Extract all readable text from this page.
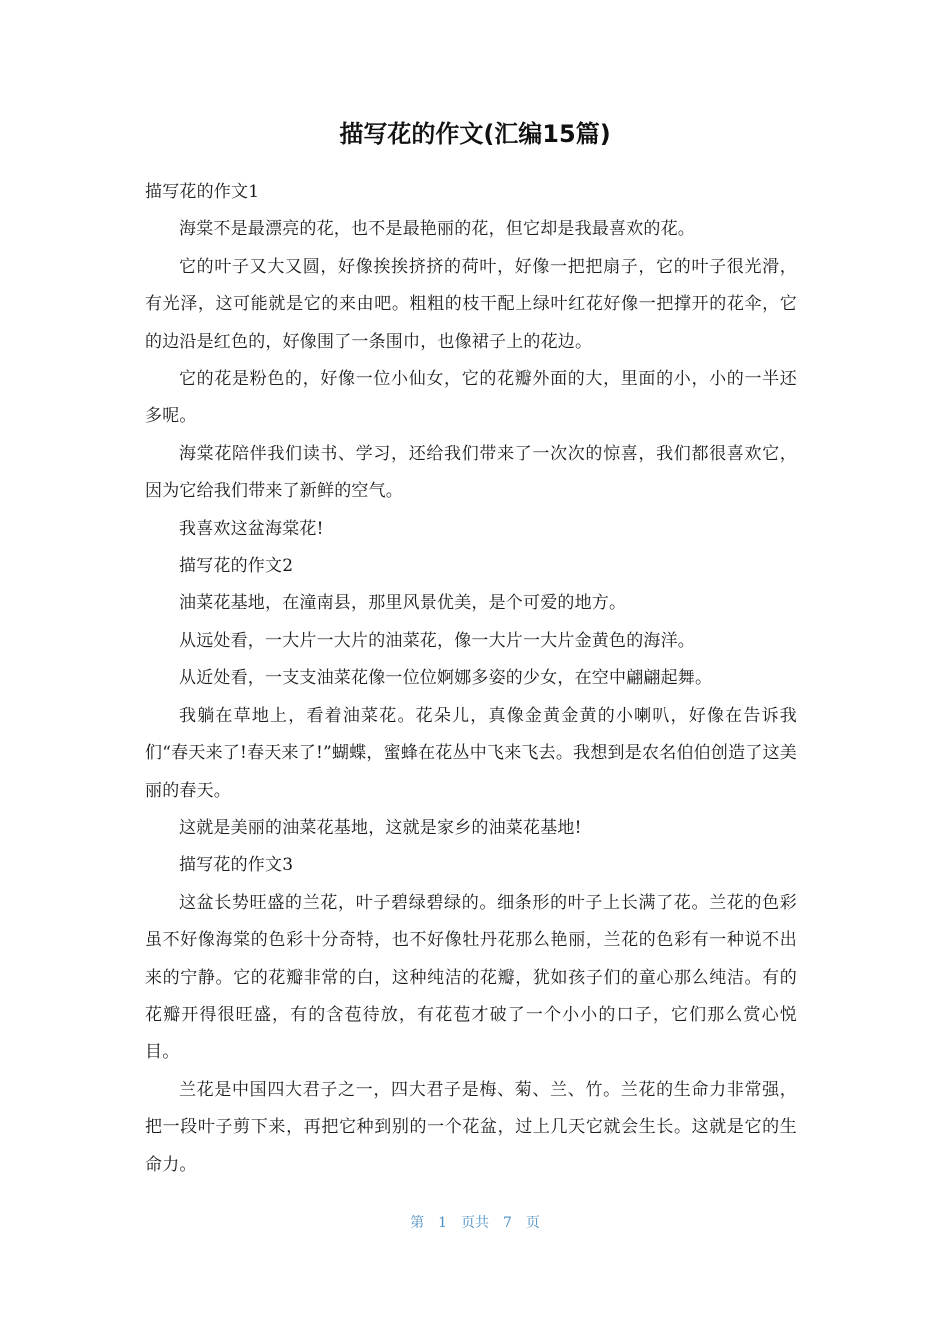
描写花的作文(汇编15篇)

描写花的作文1

海棠不是最漂亮的花，也不是最艳丽的花，但它却是我最喜欢的花。

它的叶子又大又圆，好像挨挨挤挤的荷叶，好像一把把扇子，它的叶子很光滑，有光泽，这可能就是它的来由吧。粗粗的枝干配上绿叶红花好像一把撑开的花伞，它的边沿是红色的，好像围了一条围巾，也像裙子上的花边。

它的花是粉色的，好像一位小仙女，它的花瓣外面的大，里面的小，小的一半还多呢。

海棠花陪伴我们读书、学习，还给我们带来了一次次的惊喜，我们都很喜欢它，因为它给我们带来了新鲜的空气。

我喜欢这盆海棠花!

描写花的作文2

油菜花基地，在潼南县，那里风景优美，是个可爱的地方。

从远处看，一大片一大片的油菜花，像一大片一大片金黄色的海洋。

从近处看，一支支油菜花像一位位婀娜多姿的少女，在空中翩翩起舞。

我躺在草地上，看着油菜花。花朵儿，真像金黄金黄的小喇叭，好像在告诉我们“春天来了!春天来了!”蝴蝶，蜜蜂在花丛中飞来飞去。我想到是农名伯伯创造了这美丽的春天。

这就是美丽的油菜花基地，这就是家乡的油菜花基地!

描写花的作文3

这盆长势旺盛的兰花，叶子碧绿碧绿的。细条形的叶子上长满了花。兰花的色彩虽不好像海棠的色彩十分奇特，也不好像牡丹花那么艳丽，兰花的色彩有一种说不出来的宁静。它的花瓣非常的白，这种纯洁的花瓣，犹如孩子们的童心那么纯洁。有的花瓣开得很旺盛，有的含苞待放，有花苞才破了一个小小的口子，它们那么赏心悦目。

兰花是中国四大君子之一，四大君子是梅、菊、兰、竹。兰花的生命力非常强，把一段叶子剪下来，再把它种到别的一个花盆，过上几天它就会生长。这就是它的生命力。

第 1 页共 7 页
